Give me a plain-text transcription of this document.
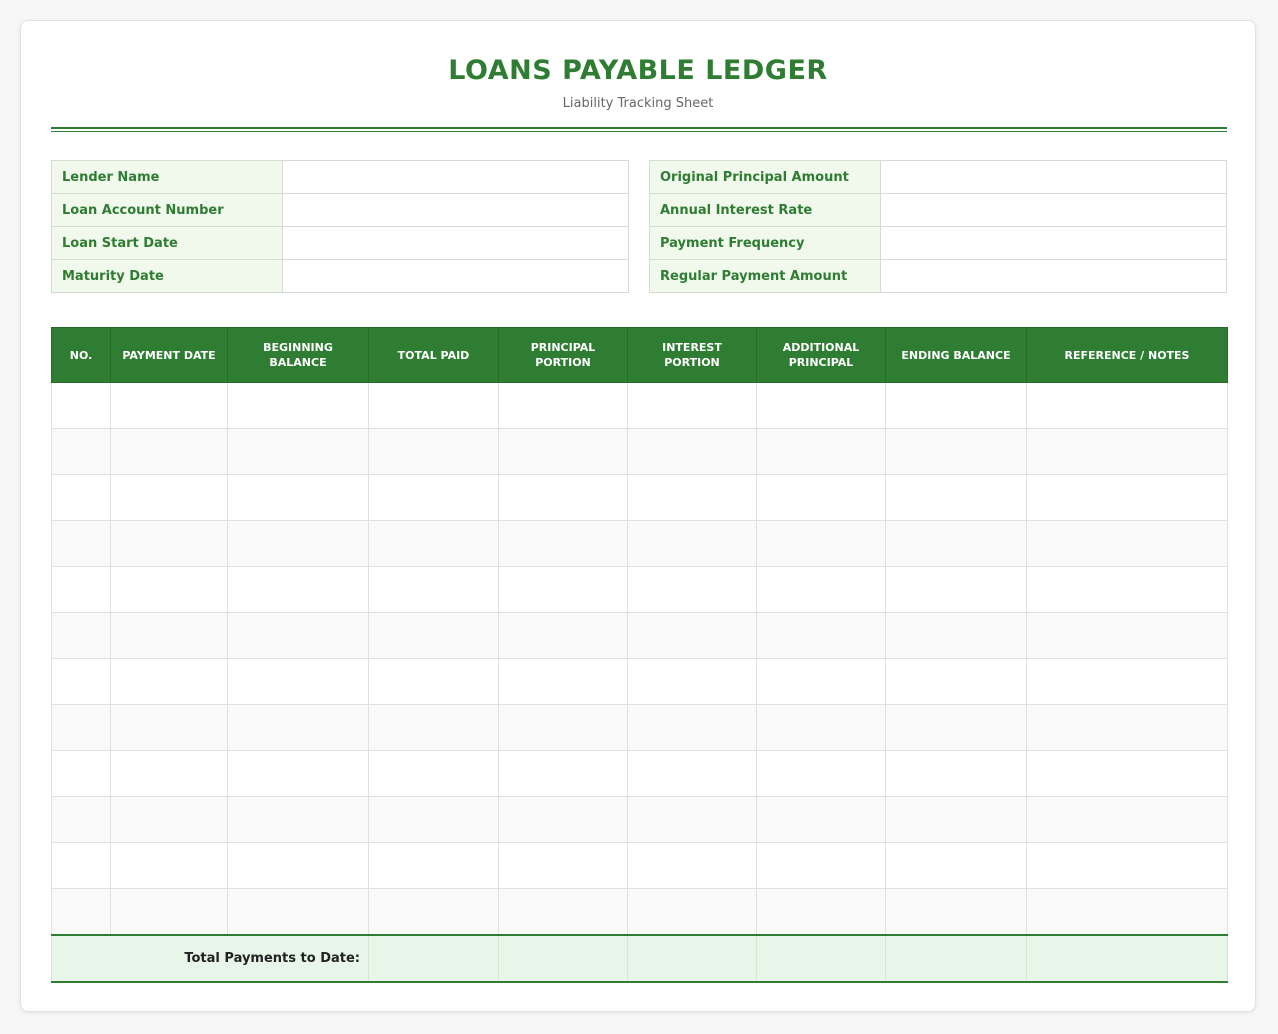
LOANS PAYABLE LEDGER
Liability Tracking Sheet
Lender Name	
Loan Account Number	
Loan Start Date	
Maturity Date	
Original Principal Amount	
Annual Interest Rate	
Payment Frequency	
Regular Payment Amount	
NO.	PAYMENT DATE	BEGINNING BALANCE	TOTAL PAID	PRINCIPAL PORTION	INTEREST PORTION	ADDITIONAL PRINCIPAL	ENDING BALANCE	REFERENCE / NOTES

Total Payments to Date:								
